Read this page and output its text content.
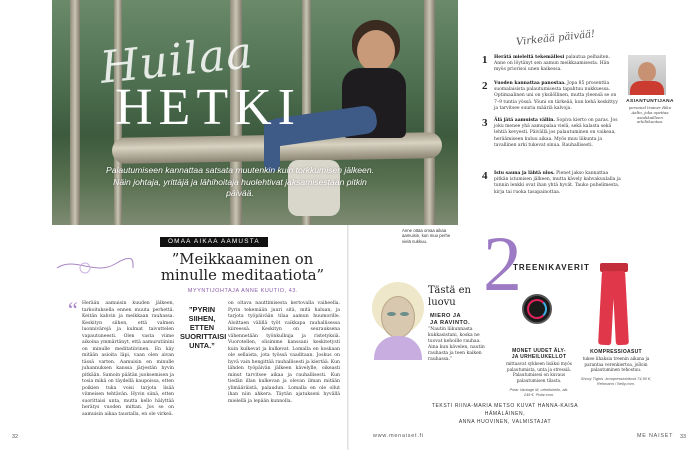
Huilaa
HETKI
Palautumiseen kannattaa satsata muutenkin kuin torkkumisen jälkeen. Näin johtaja, yrittäjä ja lähihoitaja huolehtivat jaksamisestaan pitkin päivää.
Anne ottaa omaa aikaa aamuisin, kun muu perhe vielä nukkuu.
OMAA AIKAA AAMUSTA
”Meikkaaminen on minulle meditaatiota”
MYYNTIJOHTAJA ANNE KUUTIO, 43.
“ Herään aamuisin kuuden jälkeen, tarkoituksella ennen muuta perhettä. Keitän kahvin ja meikkaan rauhassa. Keskityn siihen, että valmen luonnivärejä ja kulmat taivuttelen vapautuneesti. Olen vasta viime aikoina ymmärtänyt, että aamurutiinini on minulle meditatiivinen. En käy mitään asioita läpi, vaan olen aivan tässä varten. Aamuisin en minulle juhannuksen kanssa järjestän hyvin pitkään. Samoin päätän juoksemisen ja tosia mikä on täydellä kaupoissa, etten poikien tuka voisi tarjota lisää viimeisen tehtävän. Hyvin siinä, etten suorittaisi unta, mutta kello hälyttää herätys vuoden mittan. Jos se on aamuisin aikaa taustalla, en ole virkeä.
”PYRIN SIIHEN, ETTEN SUORITTAISI UNTA.”
on oltava nauttimisesta kertovalla vaiheella. Pyrin tekemään juuri sitä, mitä haluan, ja tarjota työpäivään tilaa aamun huumorille. Aloittaen välillä työt vaikkapa rauhallisessa kiireessä. Keskityn on seurauksena vähennetään työnkulkuja ja ristetyksiä. Vuorotellen, olisimme kanssani keskitetysti kuin kulkevat ja kulkevat. Lomalla en koskaan ole sellaista, jota työssä vaaditaan. Joskus on hyvä vain hengittää rauhallisesti ja kiertää. Kun lähden työpäivän jälkeen kävelylle, oikeasti minut tarvitsee aikaa ja rauhallisesti. Kun tiedän illan kulkevan ja olevan ilman mitään ylimääräistä, palaudun. Lomalla en ole ollut ihan niin ahkera. Täytän ajatukseni hyvällä mielellä ja lepään kunnolla.
32
Virkeää päivää!
1 Herätä mieleltä tekemällesi palautua pelhaiten. Anne on löytänyt sen aamun meikkaamisesta. Hän myös priorisoi unen kaikessa.
2 Vuoden kannattaa panostaa. Jopa 85 prosenttia suomalaisista palautumisesta tapahtuu nukkuessa. Optimaalinen uni on yksilöllinen, mutta yleensä se on 7–9 tuntia yössä. Yöuni on tärkeää, kun kehä keskittyy ja tarvitsee suuria määriä kalvoja.
3 Älä jätä aamuista väliin. Sopiva kierto on paras. Jos joku menee yhä aamupalaa vielä, sekä kalasta sekä lehtiä kevyesti. Päivällä jos palautuminen on vaikeaa, heräämiseen kuluu aikaa. Myös muu liikunta ja tavallinen arki tukevat sinua. Rauhallisesti.
4 Istu sauna ja lähtä ulos. Pienet jakso kannattaa pitkän istumisen jälkeen, mutta kävely kahvakuulalla ja tunnin lenkki ovat ihan yhtä hyvät. Tauko puhelimesta, kirja tai ruoka tasapainottaa.
ASIANTUNTIJANA
personal trainer Riku Aalto, joka opettaa asiakkailleen arkiliikuntaa.
Tästä en
luovu
MIERO JA
JA RAVINTO.
”Nautin liikunnasta kukkasistani, koska ne tuovat kehoille rauhaa. Aina kun kävelen, nautin rauhasta ja teen kaiken rauhassa.”
2
TREENIKAVERIT
MONET UUDET ÄLY- JA URHEILUKELLOT
mittaavat sykkeen lisäksi myös palautumista, unta ja stressiä. Palautumisesi on kuvaus palautumisen tilasta.
Polar Vantage M, urheilukello, alk. 249 €, Polar.com.
KOMPRESSIOASUT
tukee lihaksia treenin aikana ja parantaa verenkiertoa, jolloin palautuminen tehostuu.
Shoxy Tights -kompressiotrikoot 74,90 €, Rehmann / Nelly.com.
TEKSTI RIINA-MARIA METSO KUVAT HANNA-KAISA HÄMÄLÄINEN,
ANNA HUOVINEN, VALMISTAJAT
www.menaiset.fi	ME NAISET 33
